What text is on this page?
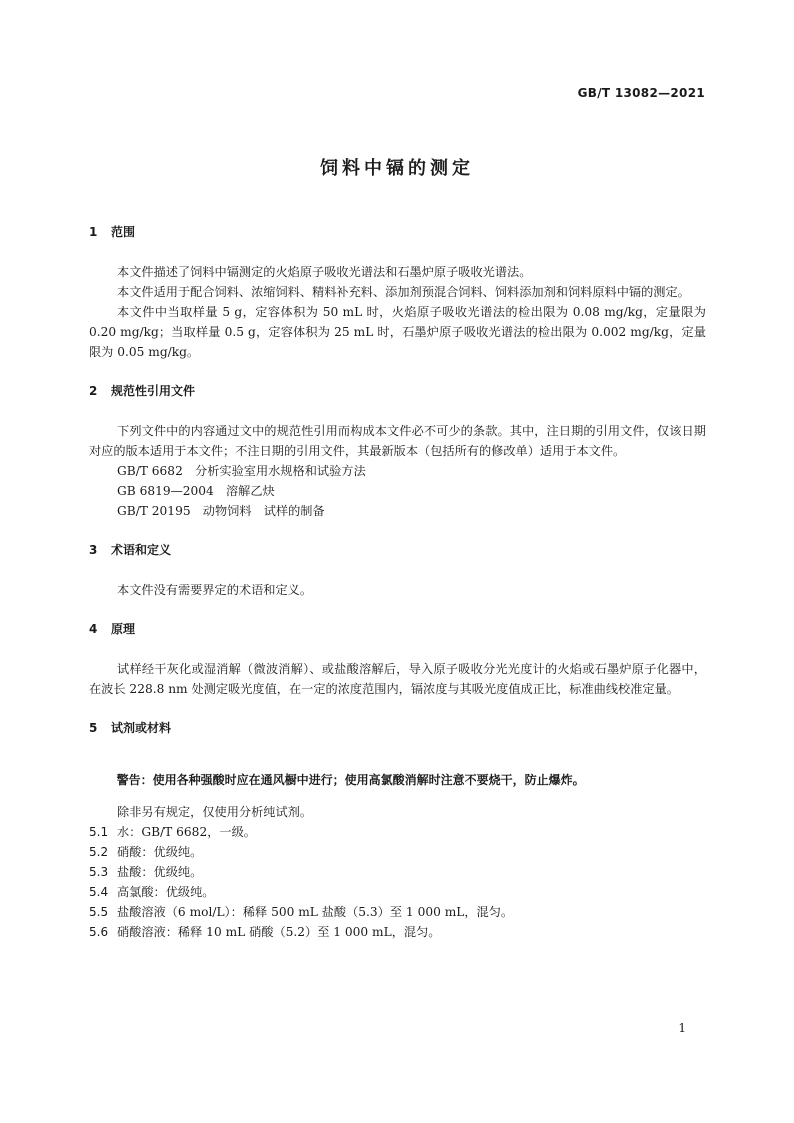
GB/T 13082—2021
饲料中镉的测定
1 范围

本文件描述了饲料中镉测定的火焰原子吸收光谱法和石墨炉原子吸收光谱法。

本文件适用于配合饲料、浓缩饲料、精料补充料、添加剂预混合饲料、饲料添加剂和饲料原料中镉的测定。

本文件中当取样量 5 g，定容体积为 50 mL 时，火焰原子吸收光谱法的检出限为 0.08 mg/kg，定量限为 0.20 mg/kg；当取样量 0.5 g，定容体积为 25 mL 时，石墨炉原子吸收光谱法的检出限为 0.002 mg/kg，定量限为 0.05 mg/kg。

2 规范性引用文件

下列文件中的内容通过文中的规范性引用而构成本文件必不可少的条款。其中，注日期的引用文件，仅该日期对应的版本适用于本文件；不注日期的引用文件，其最新版本（包括所有的修改单）适用于本文件。

GB/T 6682　分析实验室用水规格和试验方法

GB 6819—2004　溶解乙炔

GB/T 20195　动物饲料　试样的制备

3 术语和定义

本文件没有需要界定的术语和定义。

4 原理

试样经干灰化或湿消解（微波消解）、或盐酸溶解后，导入原子吸收分光光度计的火焰或石墨炉原子化器中，在波长 228.8 nm 处测定吸光度值，在一定的浓度范围内，镉浓度与其吸光度值成正比，标准曲线校准定量。

5 试剂或材料

警告：使用各种强酸时应在通风橱中进行；使用高氯酸消解时注意不要烧干，防止爆炸。

除非另有规定，仅使用分析纯试剂。

5.1 水：GB/T 6682，一级。

5.2 硝酸：优级纯。

5.3 盐酸：优级纯。

5.4 高氯酸：优级纯。

5.5 盐酸溶液（6 mol/L）：稀释 500 mL 盐酸（5.3）至 1 000 mL，混匀。

5.6 硝酸溶液：稀释 10 mL 硝酸（5.2）至 1 000 mL，混匀。

1
